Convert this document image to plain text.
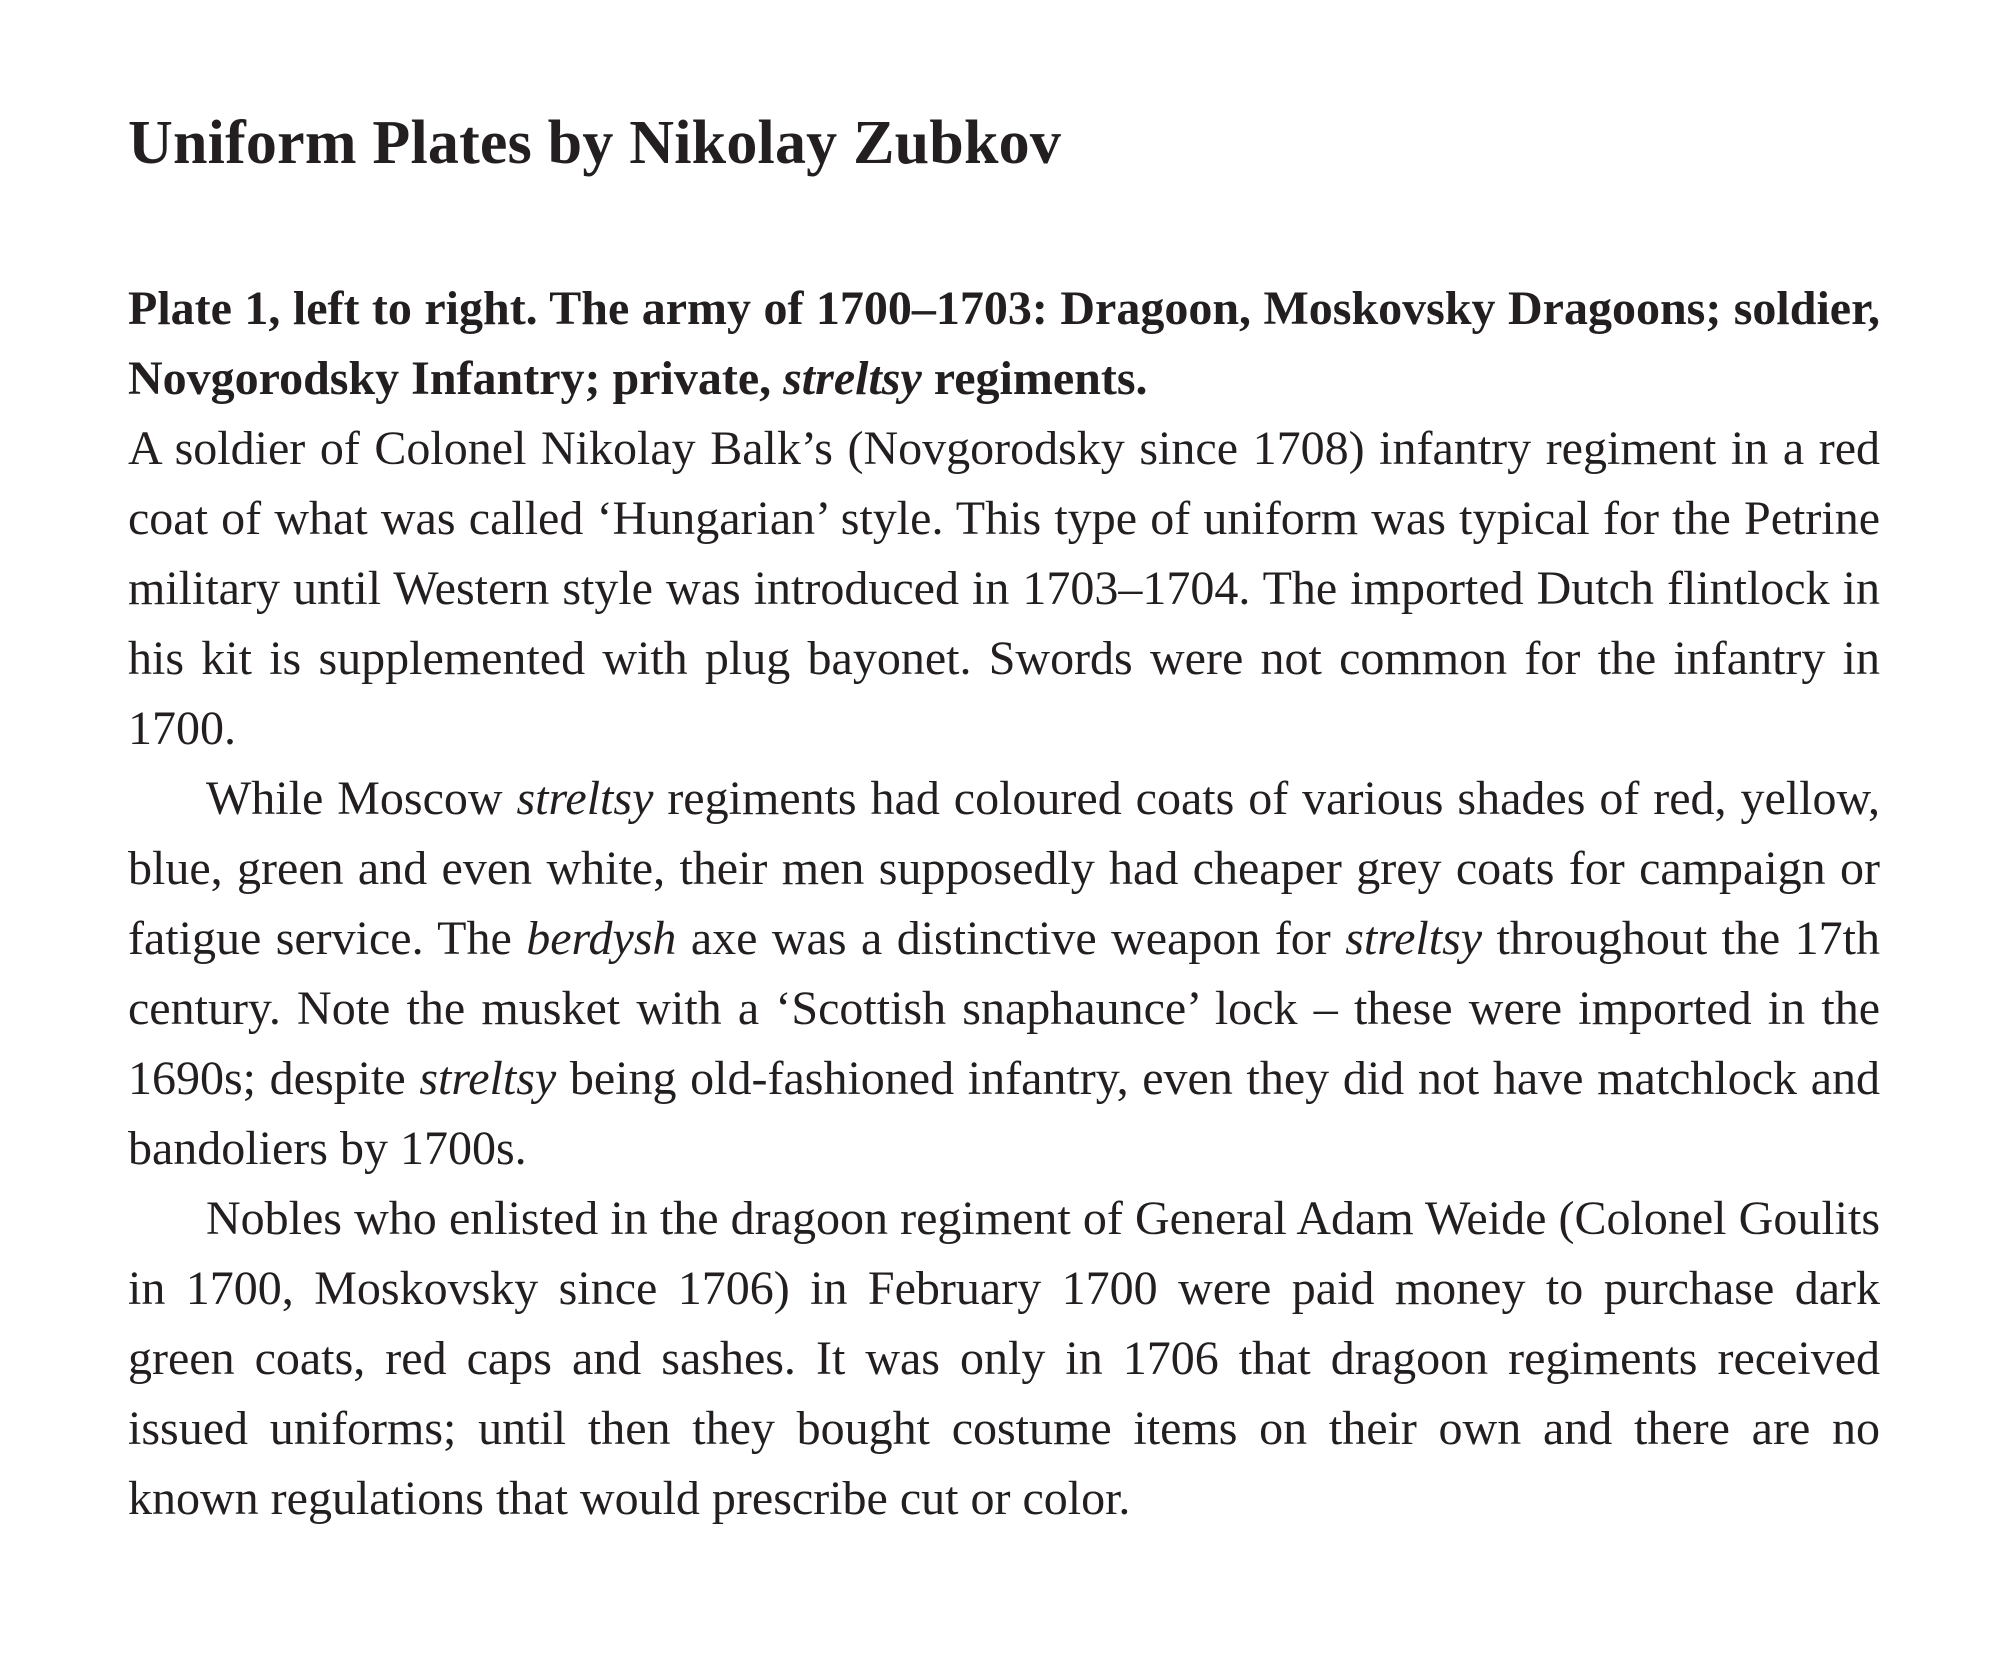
Uniform Plates by Nikolay Zubkov

Plate 1, left to right. The army of 1700–1703: Dragoon, Moskovsky Dragoons; soldier, Novgorodsky Infantry; private, streltsy regiments.

A soldier of Colonel Nikolay Balk’s (Novgorodsky since 1708) infantry regiment in a red coat of what was called ‘Hungarian’ style. This type of uniform was typical for the Petrine military until Western style was introduced in 1703–1704. The imported Dutch flintlock in his kit is supplemented with plug bayonet. Swords were not common for the infantry in 1700.

While Moscow streltsy regiments had coloured coats of various shades of red, yellow, blue, green and even white, their men supposedly had cheaper grey coats for campaign or fatigue service. The berdysh axe was a distinctive weapon for streltsy throughout the 17th century. Note the musket with a ‘Scottish snaphaunce’ lock – these were imported in the 1690s; despite streltsy being old-fashioned infantry, even they did not have matchlock and bandoliers by 1700s.

Nobles who enlisted in the dragoon regiment of General Adam Weide (Colonel Goulits in 1700, Moskovsky since 1706) in February 1700 were paid money to purchase dark green coats, red caps and sashes. It was only in 1706 that dragoon regiments received issued uniforms; until then they bought costume items on their own and there are no known regulations that would prescribe cut or color.
